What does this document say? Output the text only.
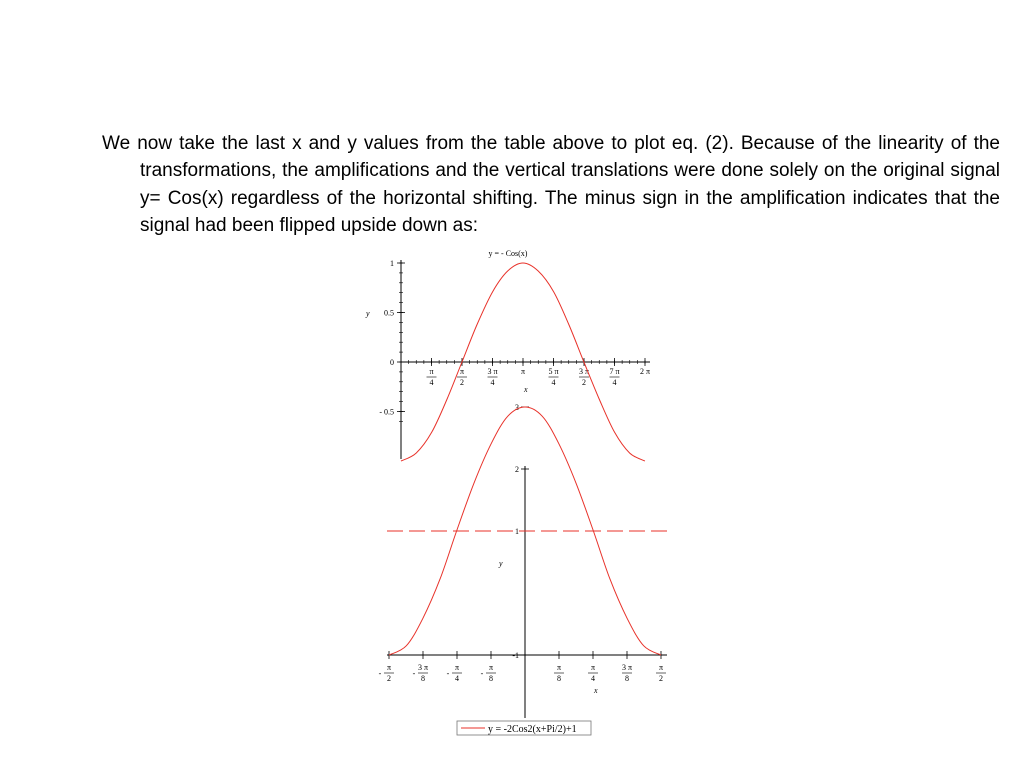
We now take the last x and y values from the table above to plot eq. (2). Because of the linearity of the transformations, the amplifications and the vertical translations were done solely on the original signal y= Cos(x) regardless of the horizontal shifting. The minus sign in the amplification indicates that the signal had been flipped upside down as:

y = - Cos(x)
1
0.5
0
- 0.5
π
4
π
2
3 π
4
π	5 π
4
3 π
2
7 π
4
2 π
y
x
3
2
1
-1
π
2
-
3 π
8
-
π
4
-
π
8
-
π
8
π
4
3 π
8
π
2
y
x
y = -2Cos2(x+Pi/2)+1
